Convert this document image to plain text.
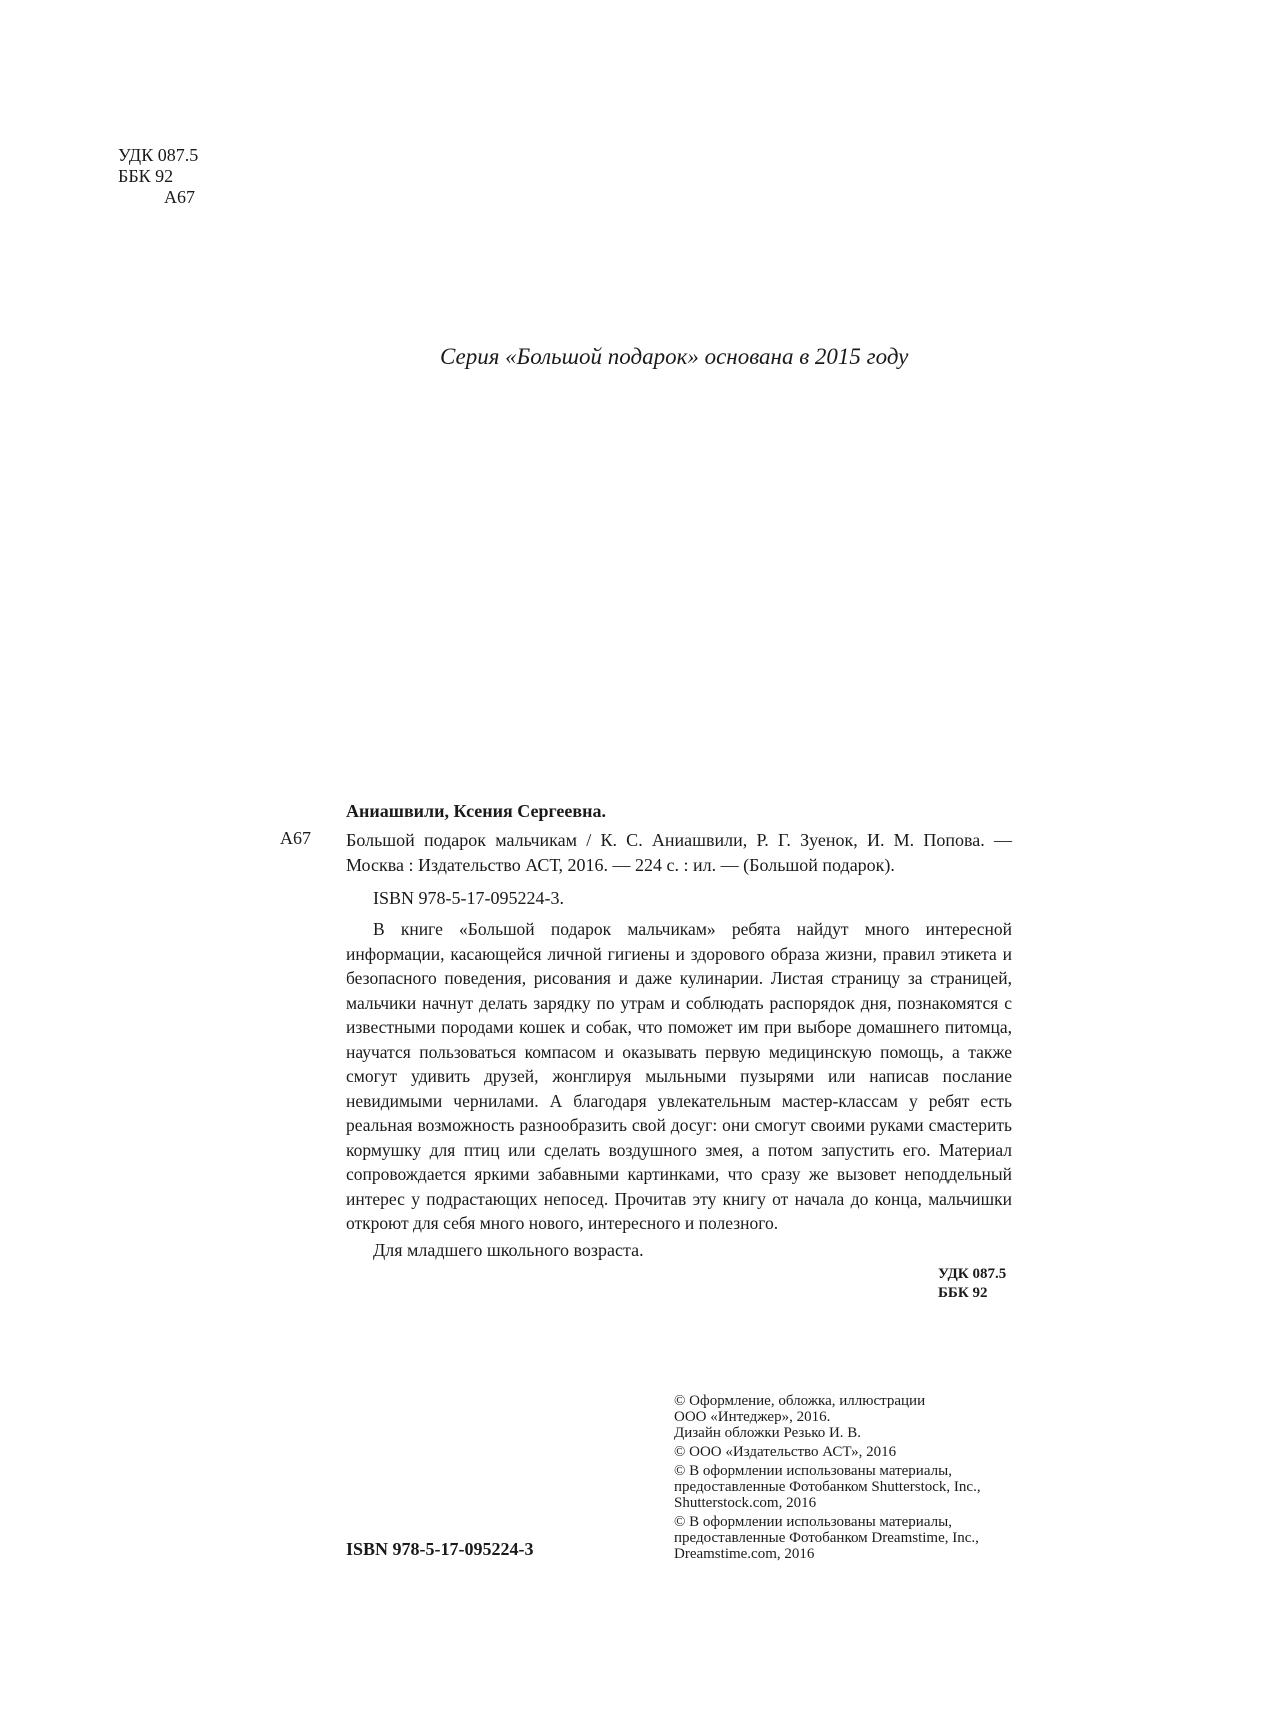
УДК 087.5
ББК 92
А67
Серия «Большой подарок» основана в 2015 году
А67

Аниашвили, Ксения Сергеевна.

Большой подарок мальчикам / К. С. Аниашвили, Р. Г. Зуенок, И. М. Попова. — Москва : Издательство АСТ, 2016. — 224 с. : ил. — (Большой подарок).

ISBN 978-5-17-095224-3.

В книге «Большой подарок мальчикам» ребята найдут много интересной информации, касающейся личной гигиены и здорового образа жизни, правил этикета и безопасного поведения, рисования и даже кулинарии. Листая страницу за страницей, мальчики начнут делать зарядку по утрам и соблюдать распорядок дня, познакомятся с известными породами кошек и собак, что поможет им при выборе домашнего питомца, научатся пользоваться компасом и оказывать первую медицинскую помощь, а также смогут удивить друзей, жонглируя мыльными пузырями или написав послание невидимыми чернилами. А благодаря увлекательным мастер-классам у ребят есть реальная возможность разнообразить свой досуг: они смогут своими руками смастерить кормушку для птиц или сделать воздушного змея, а потом запустить его. Материал сопровождается яркими забавными картинками, что сразу же вызовет неподдельный интерес у подрастающих непосед. Прочитав эту книгу от начала до конца, мальчишки откроют для себя много нового, интересного и полезного.

Для младшего школьного возраста.

УДК 087.5
ББК 92
© Оформление, обложка, иллюстрации
ООО «Интеджер», 2016.
Дизайн обложки Резько И. В.
© ООО «Издательство АСТ», 2016
© В оформлении использованы материалы,
предоставленные Фотобанком Shutterstock, Inc.,
Shutterstock.com, 2016
© В оформлении использованы материалы,
предоставленные Фотобанком Dreamstime, Inc.,
Dreamstime.com, 2016
ISBN 978-5-17-095224-3
